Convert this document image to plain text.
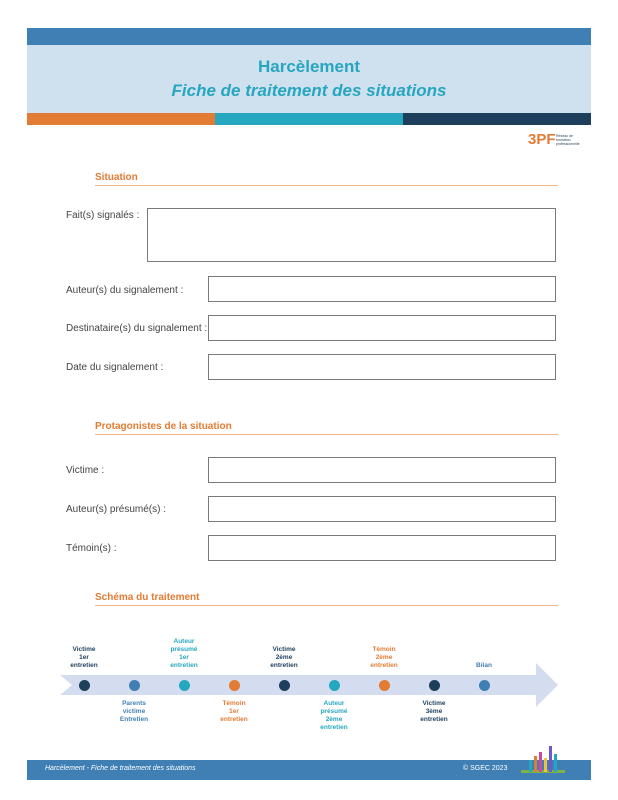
Harcèlement
Fiche de traitement des situations
3PF Réseau de formation professionnelle
Situation
Fait(s) signalés :
Auteur(s) du signalement :
Destinataire(s) du signalement :
Date du signalement :
Protagonistes de la situation
Victime :
Auteur(s) présumé(s) :
Témoin(s) :
Schéma du traitement
Victime
1er
entretien
Parents
victime
Entretien
Auteur
présumé
1er
entretien
Témoin
1er
entretien
Victime
2ème
entretien
Auteur
présumé
2ème
entretien
Témoin
2ème
entretien
Victime
3ème
entretien
Bilan
Harcèlement - Fiche de traitement des situations	© SGEC 2023
